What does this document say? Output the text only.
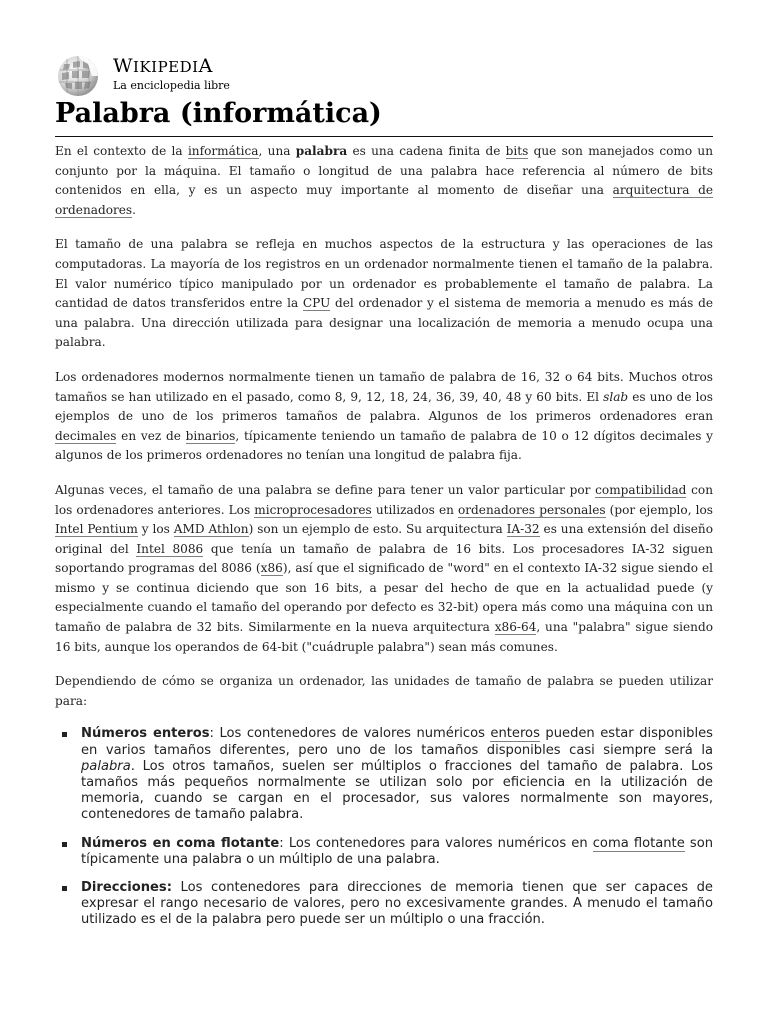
WIKIPEDIA
La enciclopedia libre
Palabra (informática)

En el contexto de la informática, una palabra es una cadena finita de bits que son manejados como un conjunto por la máquina. El tamaño o longitud de una palabra hace referencia al número de bits contenidos en ella, y es un aspecto muy importante al momento de diseñar una arquitectura de ordenadores.

El tamaño de una palabra se refleja en muchos aspectos de la estructura y las operaciones de las computadoras. La mayoría de los registros en un ordenador normalmente tienen el tamaño de la palabra. El valor numérico típico manipulado por un ordenador es probablemente el tamaño de palabra. La cantidad de datos transferidos entre la CPU del ordenador y el sistema de memoria a menudo es más de una palabra. Una dirección utilizada para designar una localización de memoria a menudo ocupa una palabra.

Los ordenadores modernos normalmente tienen un tamaño de palabra de 16, 32 o 64 bits. Muchos otros tamaños se han utilizado en el pasado, como 8, 9, 12, 18, 24, 36, 39, 40, 48 y 60 bits. El slab es uno de los ejemplos de uno de los primeros tamaños de palabra. Algunos de los primeros ordenadores eran decimales en vez de binarios, típicamente teniendo un tamaño de palabra de 10 o 12 dígitos decimales y algunos de los primeros ordenadores no tenían una longitud de palabra fija.

Algunas veces, el tamaño de una palabra se define para tener un valor particular por compatibilidad con los ordenadores anteriores. Los microprocesadores utilizados en ordenadores personales (por ejemplo, los Intel Pentium y los AMD Athlon) son un ejemplo de esto. Su arquitectura IA-32 es una extensión del diseño original del Intel 8086 que tenía un tamaño de palabra de 16 bits. Los procesadores IA-32 siguen soportando programas del 8086 (x86), así que el significado de "word" en el contexto IA-32 sigue siendo el mismo y se continua diciendo que son 16 bits, a pesar del hecho de que en la actualidad puede (y especialmente cuando el tamaño del operando por defecto es 32-bit) opera más como una máquina con un tamaño de palabra de 32 bits. Similarmente en la nueva arquitectura x86-64, una "palabra" sigue siendo 16 bits, aunque los operandos de 64-bit ("cuádruple palabra") sean más comunes.

Dependiendo de cómo se organiza un ordenador, las unidades de tamaño de palabra se pueden utilizar para:

Números enteros: Los contenedores de valores numéricos enteros pueden estar disponibles en varios tamaños diferentes, pero uno de los tamaños disponibles casi siempre será la palabra. Los otros tamaños, suelen ser múltiplos o fracciones del tamaño de palabra. Los tamaños más pequeños normalmente se utilizan solo por eficiencia en la utilización de memoria, cuando se cargan en el procesador, sus valores normalmente son mayores, contenedores de tamaño palabra.
Números en coma flotante: Los contenedores para valores numéricos en coma flotante son típicamente una palabra o un múltiplo de una palabra.
Direcciones: Los contenedores para direcciones de memoria tienen que ser capaces de expresar el rango necesario de valores, pero no excesivamente grandes. A menudo el tamaño utilizado es el de la palabra pero puede ser un múltiplo o una fracción.
